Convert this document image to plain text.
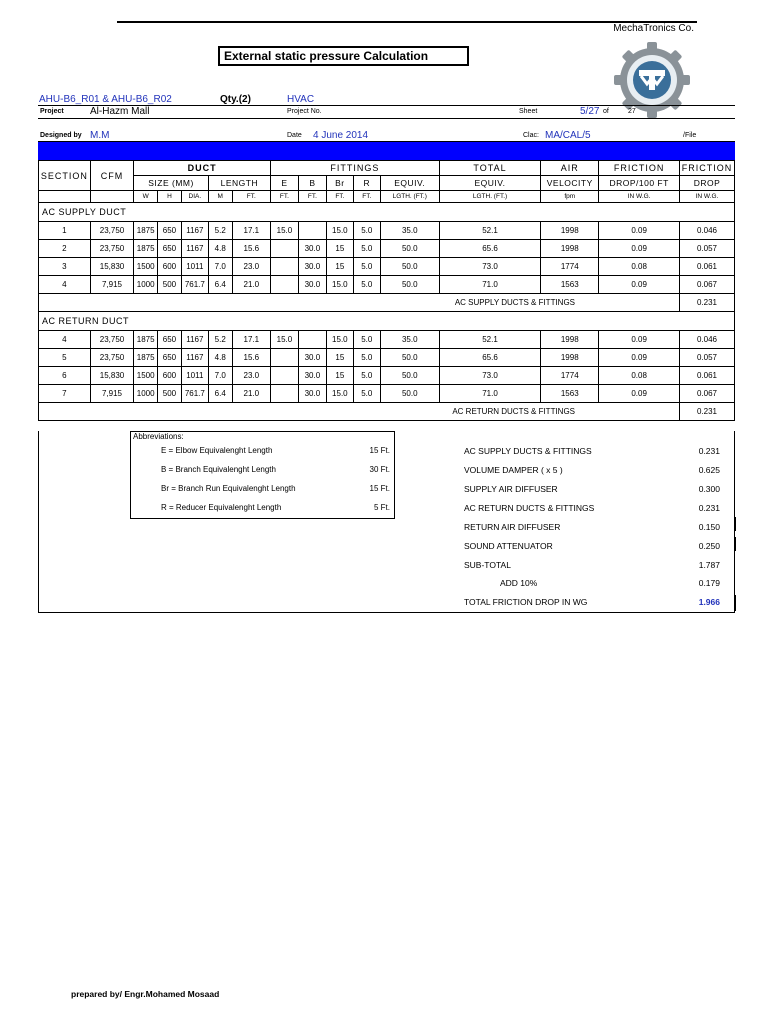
MechaTronics Co.
External static pressure Calculation
AHU-B6_R01 & AHU-B6_R02	Qty.(2)	HVAC
Project	Al-Hazm Mall	Project No.	Sheet	5/27 of	27
Designed by M.M	Date 4 June 2014	Clac: MA/CAL/5	/File
SECTION	CFM	DUCT					FITTINGS					TOTAL	AIR	FRICTION	FRICTION
		SIZE (MM)			LENGTH		E	B	Br	R	EQUIV.	EQUIV.	VELOCITY	DROP/100 FT	DROP
		W	H	DIA.	M	FT.	FT.	FT.	FT.	FT.	LGTH. (FT.)	LGTH. (FT.)	fpm	IN W.G.	IN W.G.
AC SUPPLY DUCT															
1	23,750	1875	650	1167	5.2	17.1	15.0		15.0	5.0	35.0	52.1	1998	0.09	0.046
2	23,750	1875	650	1167	4.8	15.6		30.0	15	5.0	50.0	65.6	1998	0.09	0.057
3	15,830	1500	600	1011	7.0	23.0		30.0	15	5.0	50.0	73.0	1774	0.08	0.061
4	7,915	1000	500	761.7	6.4	21.0		30.0	15.0	5.0	50.0	71.0	1563	0.09	0.067
AC SUPPLY DUCTS & FITTINGS															0.231
AC RETURN DUCT															
4	23,750	1875	650	1167	5.2	17.1	15.0		15.0	5.0	35.0	52.1	1998	0.09	0.046
5	23,750	1875	650	1167	4.8	15.6		30.0	15	5.0	50.0	65.6	1998	0.09	0.057
6	15,830	1500	600	1011	7.0	23.0		30.0	15	5.0	50.0	73.0	1774	0.08	0.061
7	7,915	1000	500	761.7	6.4	21.0		30.0	15.0	5.0	50.0	71.0	1563	0.09	0.067
AC RETURN DUCTS & FITTINGS															0.231
Abbreviations:
E = Elbow Equivalenght Length	15 Ft.
B = Branch Equivalenght Length	30 Ft.
Br = Branch Run Equivalenght Length	15 Ft.
R = Reducer Equivalenght Length	5 Ft.
AC SUPPLY DUCTS & FITTINGS	0.231
VOLUME DAMPER ( x 5 )	0.625
SUPPLY AIR DIFFUSER	0.300
AC RETURN DUCTS & FITTINGS	0.231
RETURN AIR DIFFUSER	0.150
SOUND ATTENUATOR	0.250
SUB-TOTAL	1.787
ADD 10%	0.179
TOTAL FRICTION DROP IN WG	1.966
prepared by/ Engr.Mohamed Mosaad
